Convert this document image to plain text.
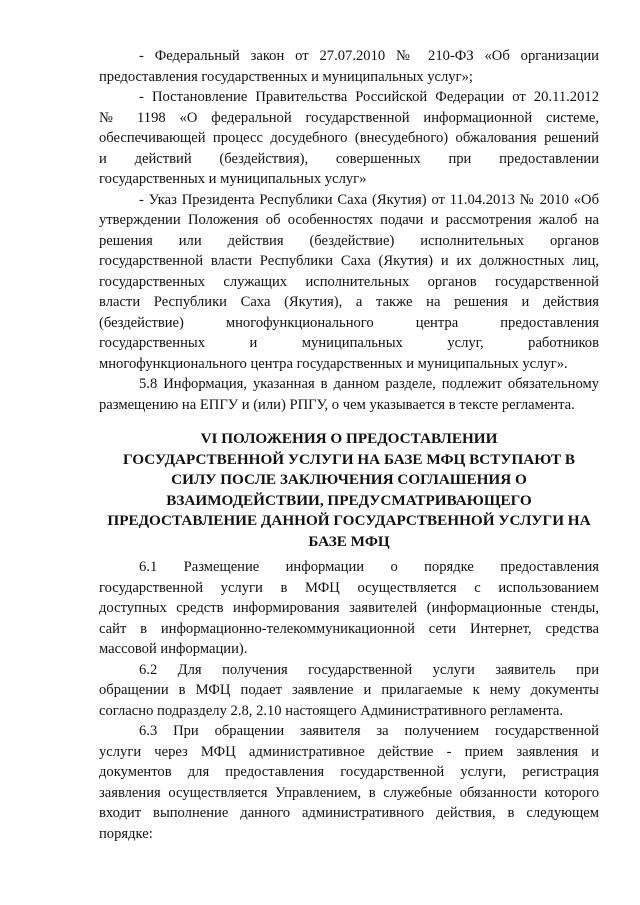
- Федеральный закон от 27.07.2010 № 210-ФЗ «Об организации
предоставления государственных и муниципальных услуг»;
- Постановление Правительства Российской Федерации от 20.11.2012
№ 1198 «О федеральной государственной информационной системе,
обеспечивающей процесс досудебного (внесудебного) обжалования решений
и действий (бездействия), совершенных при предоставлении
государственных и муниципальных услуг»
- Указ Президента Республики Саха (Якутия) от 11.04.2013 № 2010 «Об
утверждении Положения об особенностях подачи и рассмотрения жалоб на
решения или действия (бездействие) исполнительных органов
государственной власти Республики Саха (Якутия) и их должностных лиц,
государственных служащих исполнительных органов государственной
власти Республики Саха (Якутия), а также на решения и действия
(бездействие) многофункционального центра предоставления
государственных и муниципальных услуг, работников
многофункционального центра государственных и муниципальных услуг».
5.8 Информация, указанная в данном разделе, подлежит обязательному
размещению на ЕПГУ и (или) РПГУ, о чем указывается в тексте регламента.
VI ПОЛОЖЕНИЯ О ПРЕДОСТАВЛЕНИИ
ГОСУДАРСТВЕННОЙ УСЛУГИ НА БАЗЕ МФЦ ВСТУПАЮТ В
СИЛУ ПОСЛЕ ЗАКЛЮЧЕНИЯ СОГЛАШЕНИЯ О
ВЗАИМОДЕЙСТВИИ, ПРЕДУСМАТРИВАЮЩЕГО
ПРЕДОСТАВЛЕНИЕ ДАННОЙ ГОСУДАРСТВЕННОЙ УСЛУГИ НА
БАЗЕ МФЦ
6.1 Размещение информации о порядке предоставления
государственной услуги в МФЦ осуществляется с использованием
доступных средств информирования заявителей (информационные стенды,
сайт в информационно-телекоммуникационной сети Интернет, средства
массовой информации).
6.2 Для получения государственной услуги заявитель при
обращении в МФЦ подает заявление и прилагаемые к нему документы
согласно подразделу 2.8, 2.10 настоящего Административного регламента.
6.3 При обращении заявителя за получением государственной
услуги через МФЦ административное действие - прием заявления и
документов для предоставления государственной услуги, регистрация
заявления осуществляется Управлением, в служебные обязанности которого
входит выполнение данного административного действия, в следующем
порядке:
